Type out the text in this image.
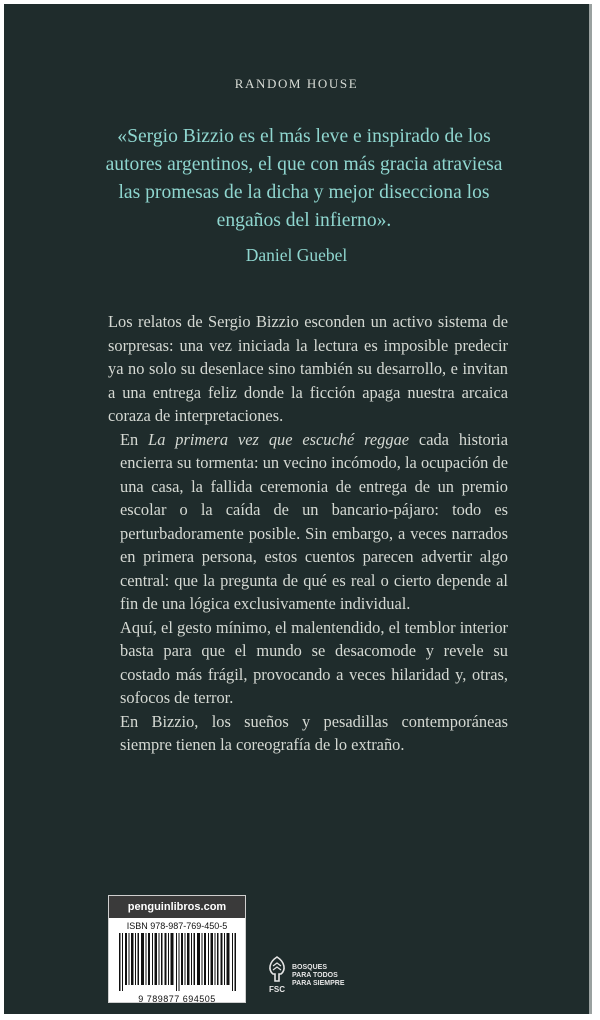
RANDOM HOUSE
«Sergio Bizzio es el más leve e inspirado de los autores argentinos, el que con más gracia atraviesa las promesas de la dicha y mejor disecciona los engaños del infierno».
Daniel Guebel

Los relatos de Sergio Bizzio esconden un activo sistema de sorpresas: una vez iniciada la lectura es imposible predecir ya no solo su desenlace sino también su desarrollo, e invitan a una entrega feliz donde la ficción apaga nuestra arcaica coraza de interpretaciones.

En La primera vez que escuché reggae cada historia encierra su tormenta: un vecino incómodo, la ocupación de una casa, la fallida ceremonia de entrega de un premio escolar o la caída de un bancario-pájaro: todo es perturbadoramente posible. Sin embargo, a veces narrados en primera persona, estos cuentos parecen advertir algo central: que la pregunta de qué es real o cierto depende al fin de una lógica exclusivamente individual.

Aquí, el gesto mínimo, el malentendido, el temblor interior basta para que el mundo se desacomode y revele su costado más frágil, provocando a veces hilaridad y, otras, sofocos de terror.

En Bizzio, los sueños y pesadillas contemporáneas siempre tienen la coreografía de lo extraño.

penguinlibros.com
ISBN 978-987-769-450-5
9 789877 694505
FSC
BOSQUES
PARA TODOS
PARA SIEMPRE
